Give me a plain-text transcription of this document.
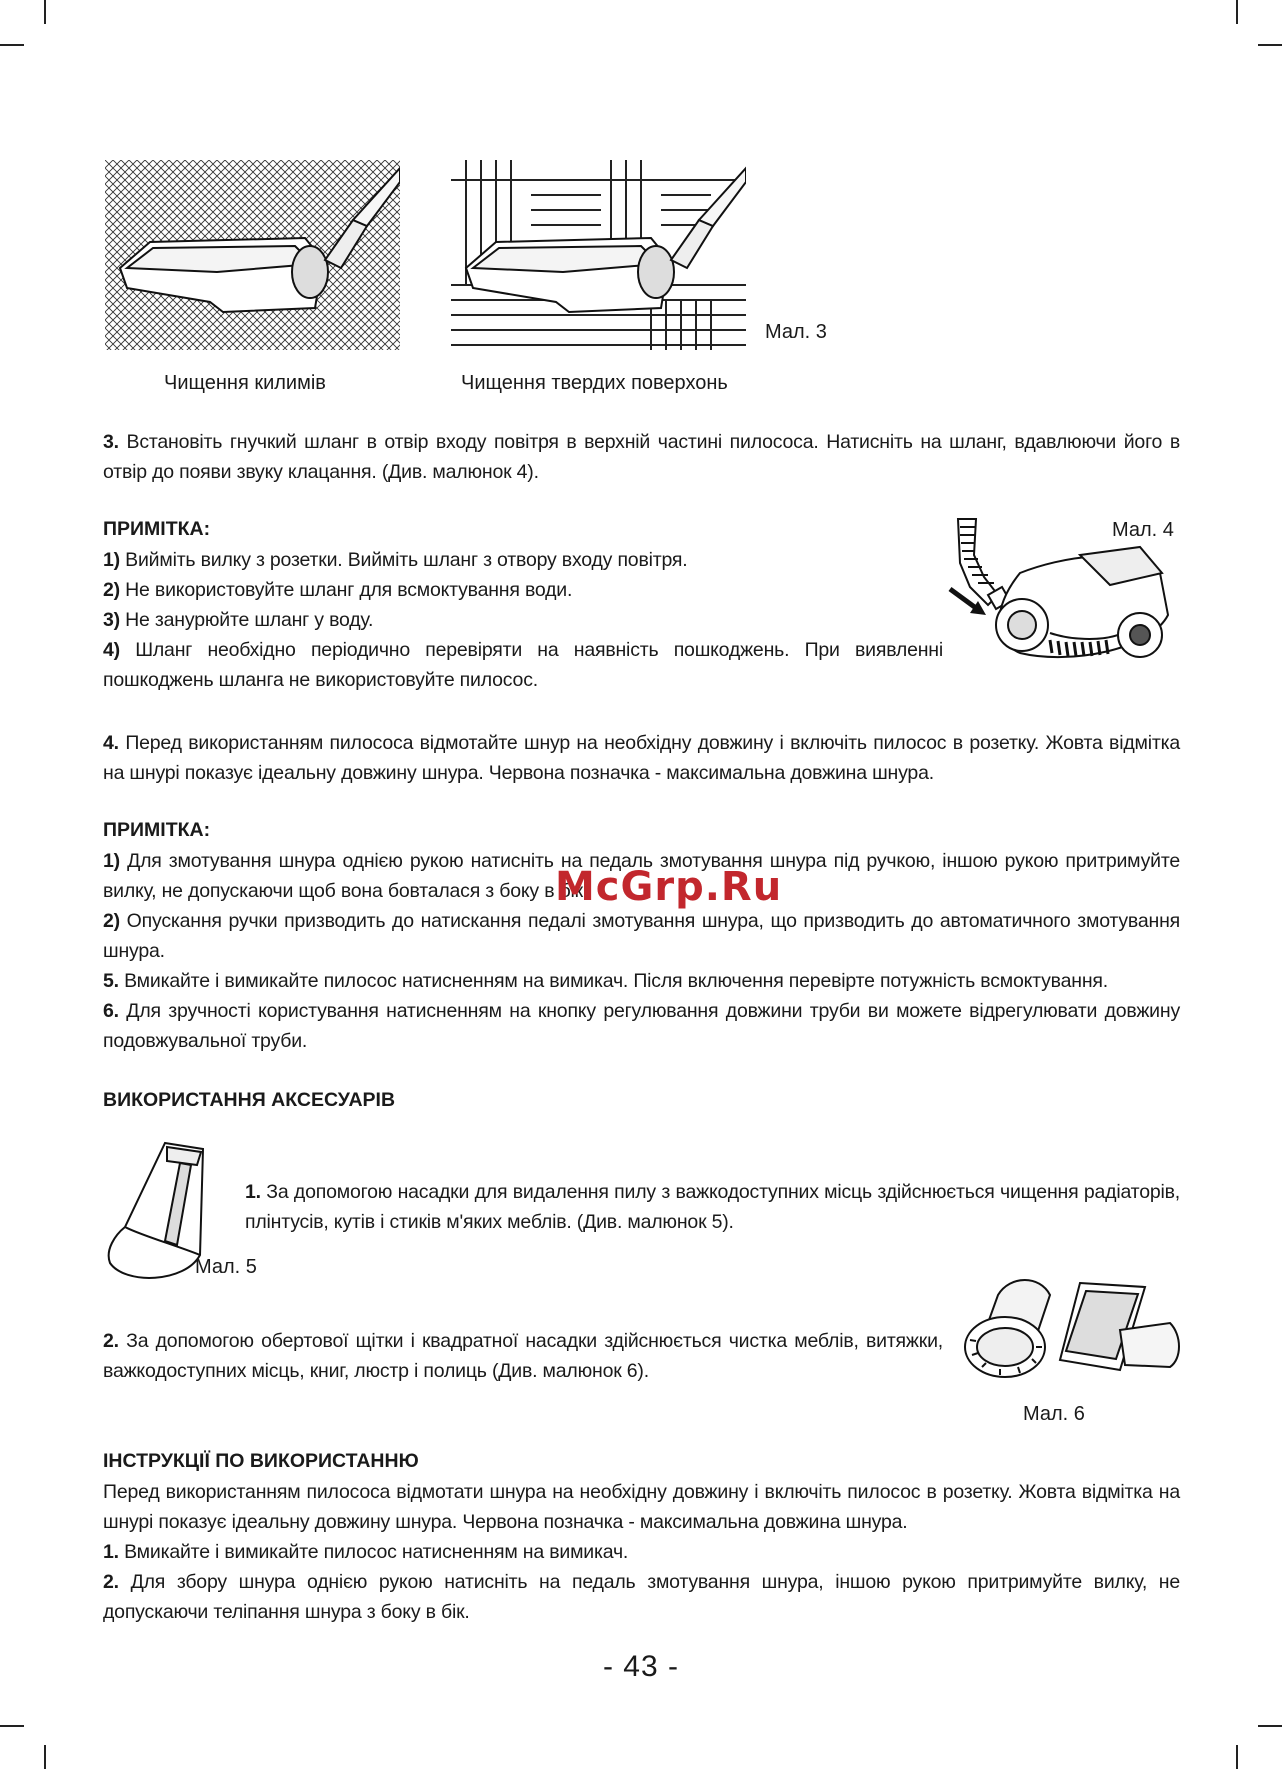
Мал. 3
Чищення килимів	Чищення твердих поверхонь

3. Встановіть гнучкий шланг в отвір входу повітря в верхній частині пилососа. Натисніть на шланг, вдавлюючи його в отвір до появи звуку клацання. (Див. малюнок 4).

ПРИМІТКА:

1) Вийміть вилку з розетки. Вийміть шланг з отвору входу повітря.

2) Не використовуйте шланг для всмоктування води.

3) Не занурюйте шланг у воду.

4) Шланг необхідно періодично перевіряти на наявність пошкоджень. При виявленні пошкоджень шланга не використовуйте пилосос.

Мал. 4

4. Перед використанням пилососа відмотайте шнур на необхідну довжину і включіть пилосос в розетку. Жовта відмітка на шнурі показує ідеальну довжину шнура. Червона позначка - максимальна довжина шнура.

ПРИМІТКА:

1) Для змотування шнура однією рукою натисніть на педаль змотування шнура під ручкою, іншою рукою притримуйте вилку, не допускаючи щоб вона бовталася з боку в бік.

2) Опускання ручки призводить до натискання педалі змотування шнура, що призводить до автоматичного змотування шнура.

5. Вмикайте і вимикайте пилосос натисненням на вимикач. Після включення перевірте потужність всмоктування.

6. Для зручності користування натисненням на кнопку регулювання довжини труби ви можете відрегулювати довжину подовжувальної труби.

McGrp.Ru
ВИКОРИСТАННЯ АКСЕСУАРІВ
Мал. 5

1. За допомогою насадки для видалення пилу з важкодоступних місць здійснюється чищення радіаторів, плінтусів, кутів і стиків м'яких меблів. (Див. малюнок 5).

2. За допомогою обертової щітки і квадратної насадки здійснюється чистка меблів, витяжки, важкодоступних місць, книг, люстр і полиць (Див. малюнок 6).

Мал. 6
ІНСТРУКЦІЇ ПО ВИКОРИСТАННЮ

Перед використанням пилососа відмотати шнура на необхідну довжину і включіть пилосос в розетку. Жовта відмітка на шнурі показує ідеальну довжину шнура. Червона позначка - максимальна довжина шнура.

1. Вмикайте і вимикайте пилосос натисненням на вимикач.

2. Для збору шнура однією рукою натисніть на педаль змотування шнура, іншою рукою притримуйте вилку, не допускаючи теліпання шнура з боку в бік.

- 43 -
